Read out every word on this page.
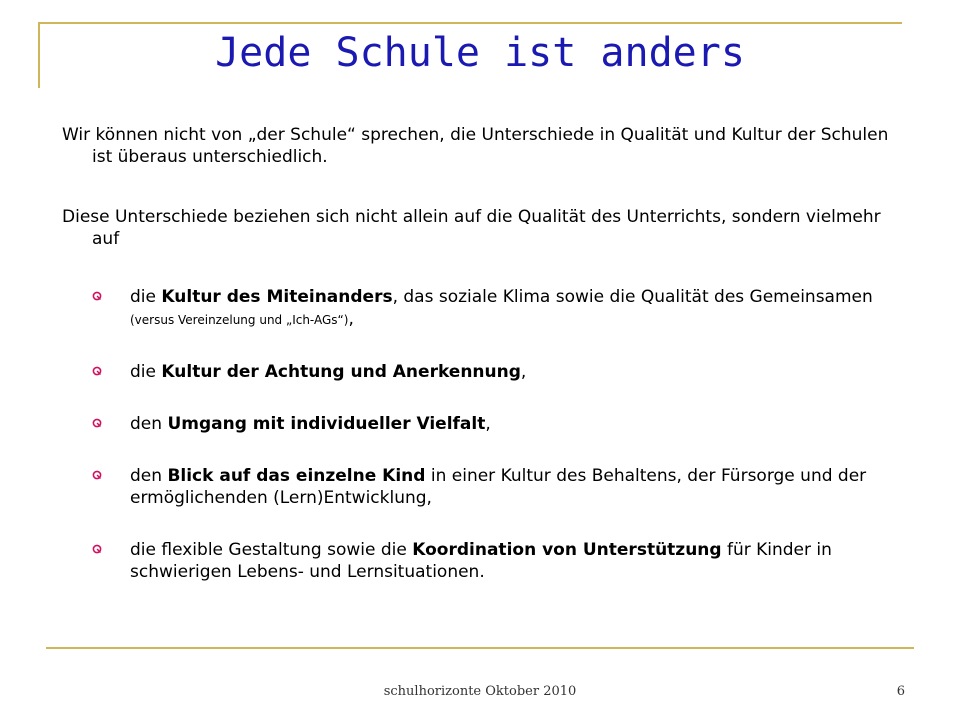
Jede Schule ist anders

Wir können nicht von „der Schule“ sprechen, die Unterschiede in Qualität und Kultur der Schulen ist überaus unterschiedlich.

Diese Unterschiede beziehen sich nicht allein auf die Qualität des Unterrichts, sondern vielmehr auf

die Kultur des Miteinanders, das soziale Klima sowie die Qualität des Gemeinsamen (versus Vereinzelung und „Ich-AGs“),
die Kultur der Achtung und Anerkennung,
den Umgang mit individueller Vielfalt,
den Blick auf das einzelne Kind in einer Kultur des Behaltens, der Fürsorge und der ermöglichenden (Lern)Entwicklung,
die flexible Gestaltung sowie die Koordination von Unterstützung für Kinder in schwierigen Lebens- und Lernsituationen.
schulhorizonte Oktober 2010	6
